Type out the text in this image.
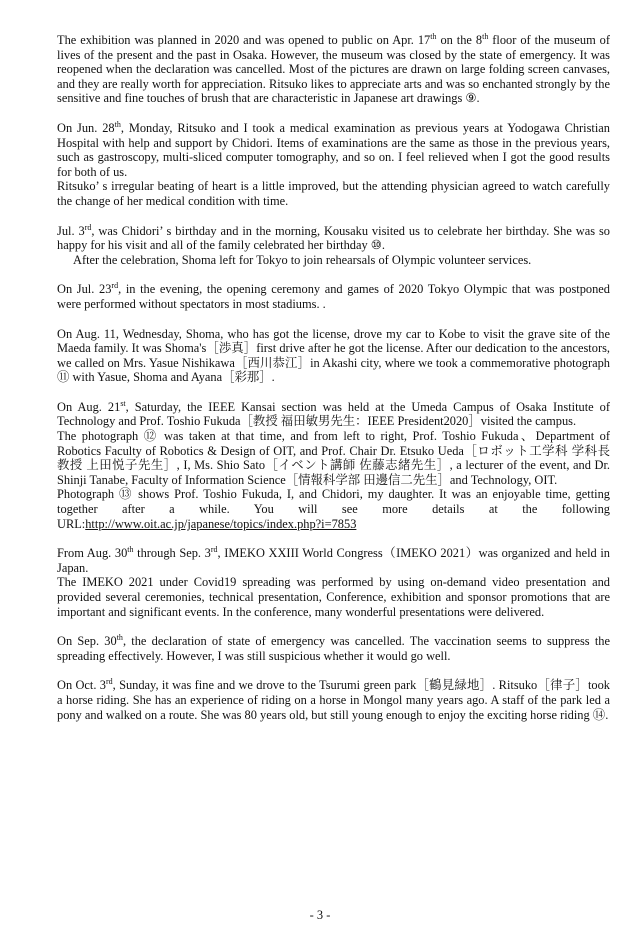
The exhibition was planned in 2020 and was opened to public on Apr. 17th on the 8th floor of the museum of lives of the present and the past in Osaka. However, the museum was closed by the state of emergency. It was reopened when the declaration was cancelled. Most of the pictures are drawn on large folding screen canvases, and they are really worth for appreciation. Ritsuko likes to appreciate arts and was so enchanted strongly by the sensitive and fine touches of brush that are characteristic in Japanese art drawings ⑨.

On Jun. 28th, Monday, Ritsuko and I took a medical examination as previous years at Yodogawa Christian Hospital with help and support by Chidori. Items of examinations are the same as those in the previous years, such as gastroscopy, multi-sliced computer tomography, and so on. I feel relieved when I got the good results for both of us.

Ritsuko’ s irregular beating of heart is a little improved, but the attending physician agreed to watch carefully the change of her medical condition with time.

Jul. 3rd, was Chidori’ s birthday and in the morning, Kousaku visited us to celebrate her birthday. She was so happy for his visit and all of the family celebrated her birthday ⑩.

After the celebration, Shoma left for Tokyo to join rehearsals of Olympic volunteer services.

On Jul. 23rd, in the evening, the opening ceremony and games of 2020 Tokyo Olympic that was postponed were performed without spectators in most stadiums. .

On Aug. 11, Wednesday, Shoma, who has got the license, drove my car to Kobe to visit the grave site of the Maeda family. It was Shoma's［渉真］first drive after he got the license. After our dedication to the ancestors, we called on Mrs. Yasue Nishikawa［西川恭江］in Akashi city, where we took a commemorative photograph ⑪ with Yasue, Shoma and Ayana［彩那］.

On Aug. 21st, Saturday, the IEEE Kansai section was held at the Umeda Campus of Osaka Institute of Technology and Prof. Toshio Fukuda［教授 福田敏男先生：IEEE President2020］visited the campus.

The photograph ⑫ was taken at that time, and from left to right, Prof. Toshio Fukuda、Department of Robotics Faculty of Robotics & Design of OIT, and Prof. Chair Dr. Etsuko Ueda［ロボット工学科 学科長 教授 上田悦子先生］, I, Ms. Shio Sato［イベント講師 佐藤志緒先生］, a lecturer of the event, and Dr. Shinji Tanabe, Faculty of Information Science［情報科学部 田邊信二先生］and Technology, OIT.

Photograph ⑬ shows Prof. Toshio Fukuda, I, and Chidori, my daughter. It was an enjoyable time, getting together after a while. You will see more details at the following URL:http://www.oit.ac.jp/japanese/topics/index.php?i=7853

From Aug. 30th through Sep. 3rd, IMEKO XXIII World Congress（IMEKO 2021）was organized and held in Japan.

The IMEKO 2021 under Covid19 spreading was performed by using on-demand video presentation and provided several ceremonies, technical presentation, Conference, exhibition and sponsor promotions that are important and significant events. In the conference, many wonderful presentations were delivered.

On Sep. 30th, the declaration of state of emergency was cancelled. The vaccination seems to suppress the spreading effectively. However, I was still suspicious whether it would go well.

On Oct. 3rd, Sunday, it was fine and we drove to the Tsurumi green park［鶴見緑地］. Ritsuko［律子］took a horse riding. She has an experience of riding on a horse in Mongol many years ago. A staff of the park led a pony and walked on a route. She was 80 years old, but still young enough to enjoy the exciting horse riding ⑭.

- 3 -
